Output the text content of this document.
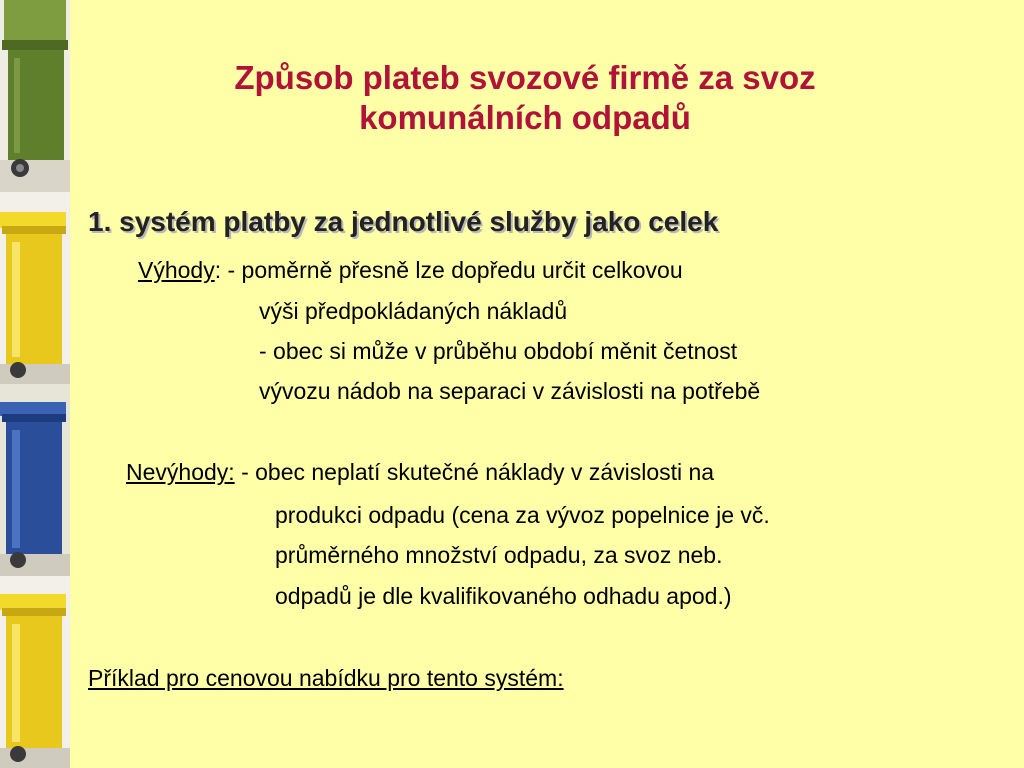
Způsob plateb svozové firmě za svoz
komunálních odpadů
1. systém platby za jednotlivé služby jako celek
Výhody: - poměrně přesně lze dopředu určit celkovou
výši předpokládaných nákladů
- obec si může v průběhu období měnit četnost
vývozu nádob na separaci v závislosti na potřebě
Nevýhody: - obec neplatí skutečné náklady v závislosti na
produkci odpadu (cena za vývoz popelnice je vč.
průměrného množství odpadu, za svoz neb.
odpadů je dle kvalifikovaného odhadu apod.)
Příklad pro cenovou nabídku pro tento systém:
